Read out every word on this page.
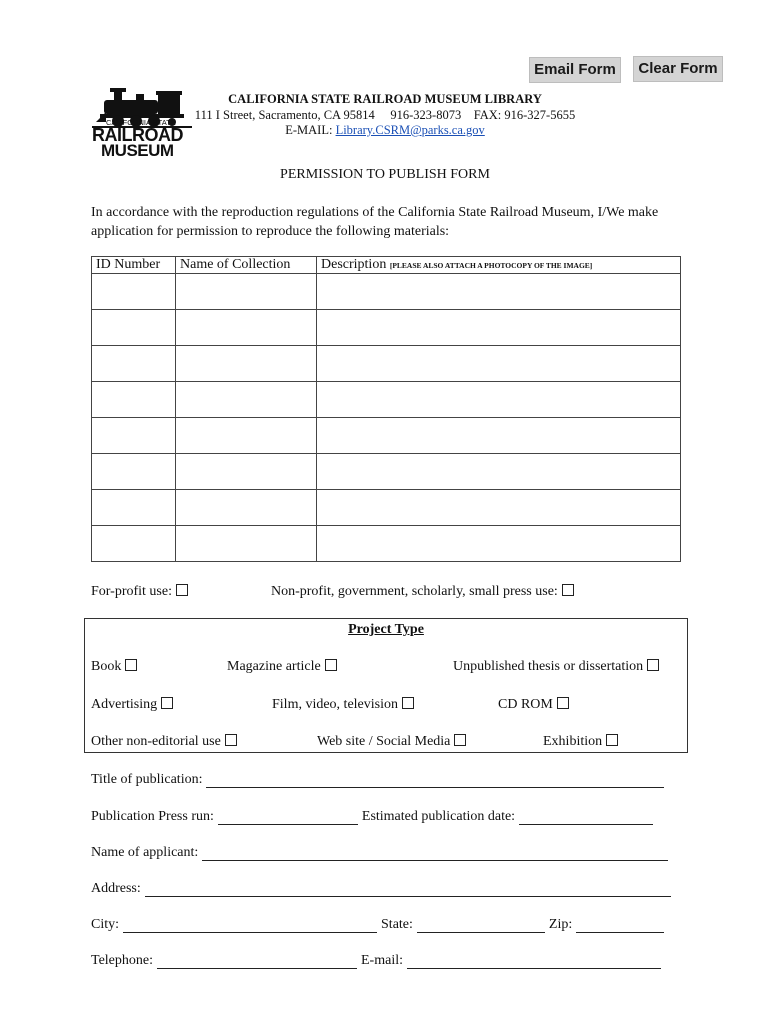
Email Form	Clear Form
CALIFORNIA STATE
RAILROAD
MUSEUM
CALIFORNIA STATE RAILROAD MUSEUM LIBRARY
111 I Street, Sacramento, CA 95814     916-323-8073    FAX: 916-327-5655
E-MAIL: Library.CSRM@parks.ca.gov
PERMISSION TO PUBLISH FORM
In accordance with the reproduction regulations of the California State Railroad Museum, I/We make application for permission to reproduce the following materials:
ID Number	Name of Collection	Description [PLEASE ALSO ATTACH A PHOTOCOPY OF THE IMAGE]

For-profit use:	Non-profit, government, scholarly, small press use:
Project Type
Book	Magazine article	Unpublished thesis or dissertation
Advertising	Film, video, television	CD ROM
Other non-editorial use	Web site / Social Media	Exhibition
Title of publication:
Publication Press run:	Estimated publication date:
Name of applicant:
Address:
City:	State:	Zip:
Telephone:	E-mail:
